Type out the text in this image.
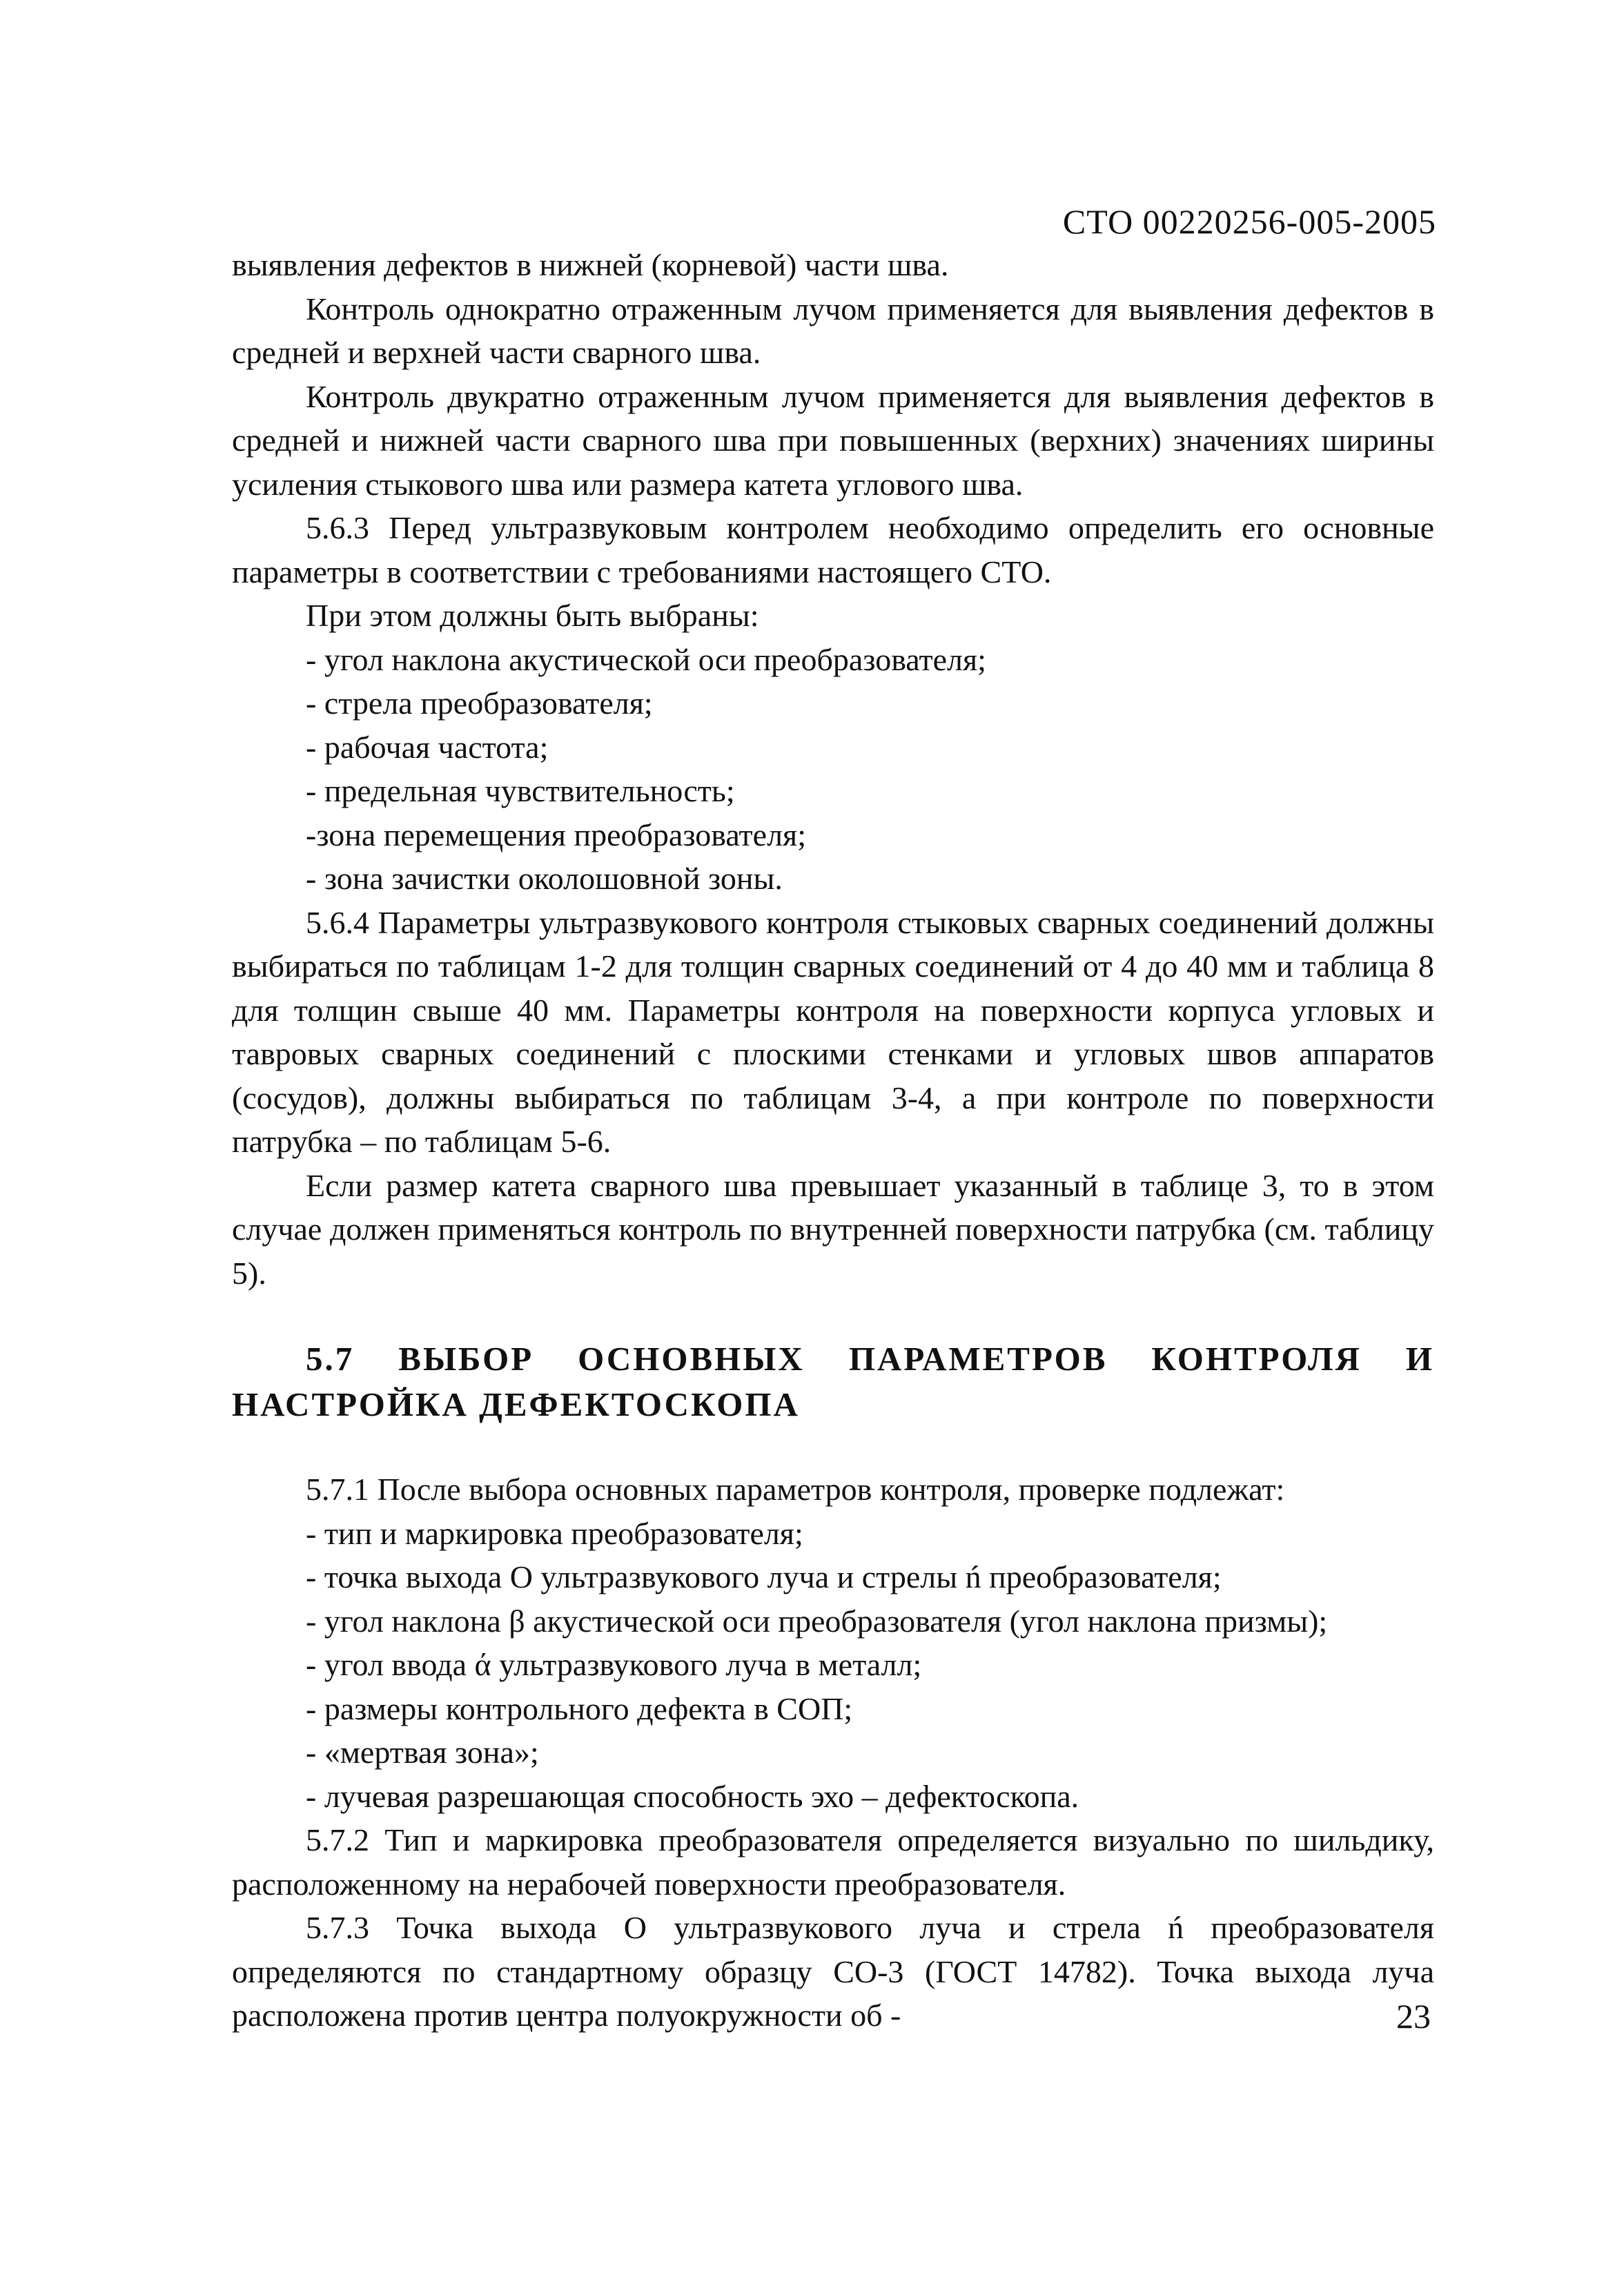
СТО 00220256-005-2005

выявления дефектов в нижней (корневой) части шва.

Контроль однократно отраженным лучом применяется для выявления дефектов в средней и верхней части сварного шва.

Контроль двукратно отраженным лучом применяется для выявления дефектов в средней и нижней части сварного шва при повышенных (верхних) значениях ширины усиления стыкового шва или размера катета углового шва.

5.6.3 Перед ультразвуковым контролем необходимо определить его основные параметры в соответствии с требованиями настоящего СТО.

При этом должны быть выбраны:

- угол наклона акустической оси преобразователя;

- стрела преобразователя;

- рабочая частота;

- предельная чувствительность;

-зона перемещения преобразователя;

- зона зачистки околошовной зоны.

5.6.4 Параметры ультразвукового контроля стыковых сварных соединений должны выбираться по таблицам 1-2 для толщин сварных соединений от 4 до 40 мм и таблица 8 для толщин свыше 40 мм. Параметры контроля на поверхности корпуса угловых и тавровых сварных соединений с плоскими стенками и угловых швов аппаратов (сосудов), должны выбираться по таблицам 3-4, а при контроле по поверхности патрубка – по таблицам 5-6.

Если размер катета сварного шва превышает указанный в таблице 3, то в этом случае должен применяться контроль по внутренней поверхности патрубка (см. таблицу 5).

5.7 ВЫБОР ОСНОВНЫХ ПАРАМЕТРОВ КОНТРОЛЯ И НАСТРОЙКА ДЕФЕКТОСКОПА

5.7.1 После выбора основных параметров контроля, проверке подлежат:

- тип и маркировка преобразователя;

- точка выхода О ультразвукового луча и стрелы ń преобразователя;

- угол наклона β акустической оси преобразователя (угол наклона призмы);

- угол ввода ά ультразвукового луча в металл;

- размеры контрольного дефекта в СОП;

- «мертвая зона»;

- лучевая разрешающая способность эхо – дефектоскопа.

5.7.2 Тип и маркировка преобразователя определяется визуально по шильдику, расположенному на нерабочей поверхности преобразователя.

5.7.3 Точка выхода О ультразвукового луча и стрела ń преобразователя определяются по стандартному образцу СО-3 (ГОСТ 14782). Точка выхода луча расположена против центра полуокружности об -	23
